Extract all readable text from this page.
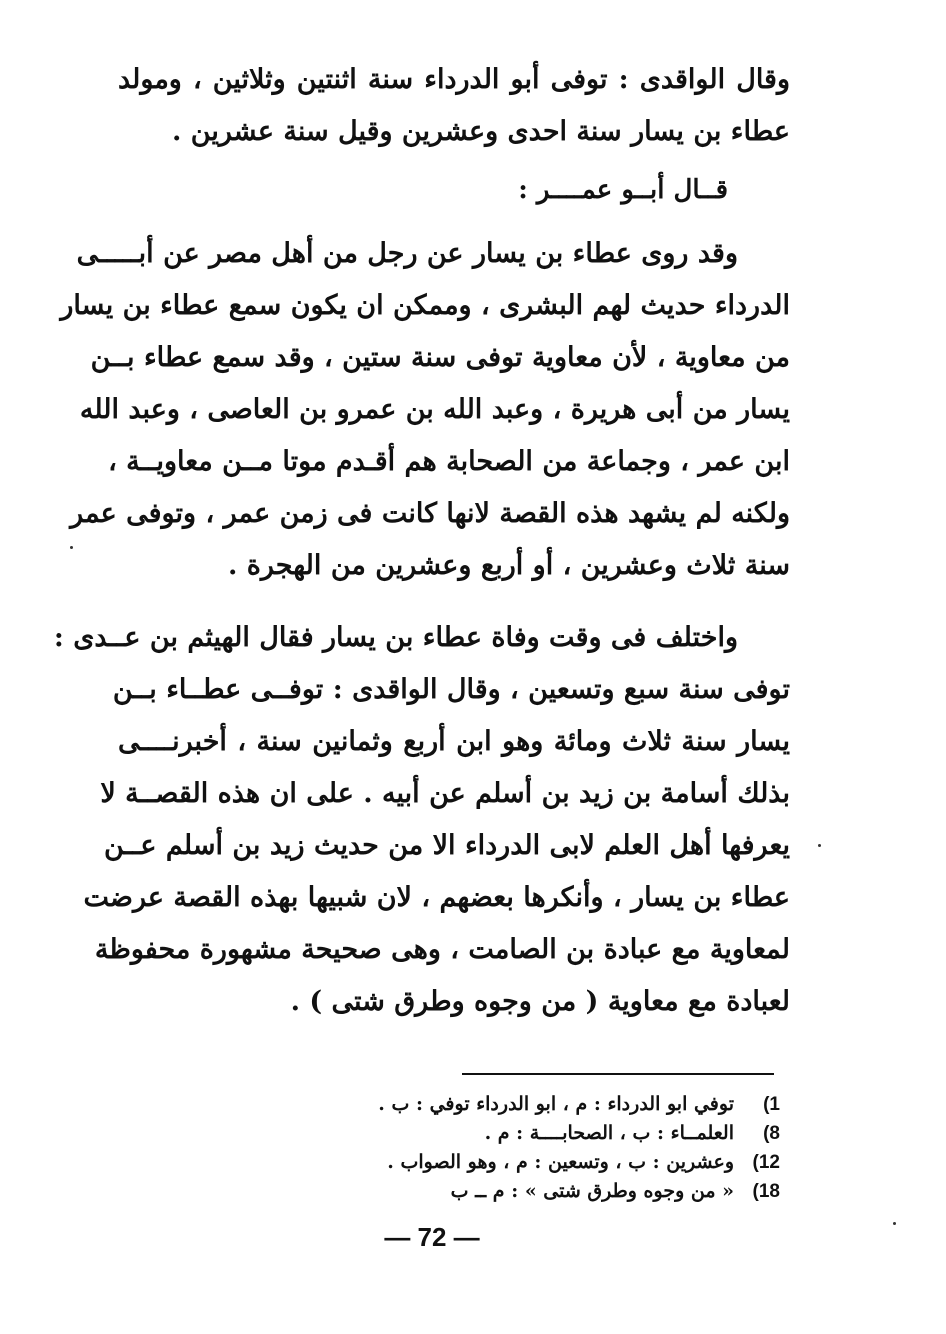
وقال الواقدى : توفى أبو الدرداء سنة اثنتين وثلاثين ، ومولد
عطاء بن يسار سنة احدى وعشرين وقيل سنة عشرين .
قــال أبــو عمــــر :
وقد روى عطاء بن يسار عن رجل من أهل مصر عن أبـــــى
الدرداء حديث لهم البشرى ، وممكن ان يكون سمع عطاء بن يسار
من معاوية ، لأن معاوية توفى سنة ستين ، وقد سمع عطاء بــن
يسار من أبى هريرة ، وعبد الله بن عمرو بن العاصى ، وعبد الله
ابن عمر ، وجماعة من الصحابة هم أقـدم موتا مــن معاويــة ،
ولكنه لم يشهد هذه القصة لانها كانت فى زمن عمر ، وتوفى عمر
سنة ثلاث وعشرين ، أو أربع وعشرين من الهجرة .
واختلف فى وقت وفاة عطاء بن يسار فقال الهيثم بن عــدى :
توفى سنة سبع وتسعين ، وقال الواقدى : توفــى عطــاء بــن
يسار سنة ثلاث ومائة وهو ابن أربع وثمانين سنة ، أخبرنــــى
بذلك أسامة بن زيد بن أسلم عن أبيه . على ان هذه القصــة لا
يعرفها أهل العلم لابى الدرداء الا من حديث زيد بن أسلم عــن
عطاء بن يسار ، وأنكرها بعضهم ، لان شبيها بهذه القصة عرضت
لمعاوية مع عبادة بن الصامت ، وهى صحيحة مشهورة محفوظة
لعبادة مع معاوية ( من وجوه وطرق شتى ) .
1)
توفي ابو الدرداء : م ، ابو الدرداء توفي : ب .
8)
العلمــاء : ب ، الصحابــــة : م .
12)
وعشرين : ب ، وتسعين : م ، وهو الصواب .
18)
« من وجوه وطرق شتى » : م ــ ب
— 72 —
